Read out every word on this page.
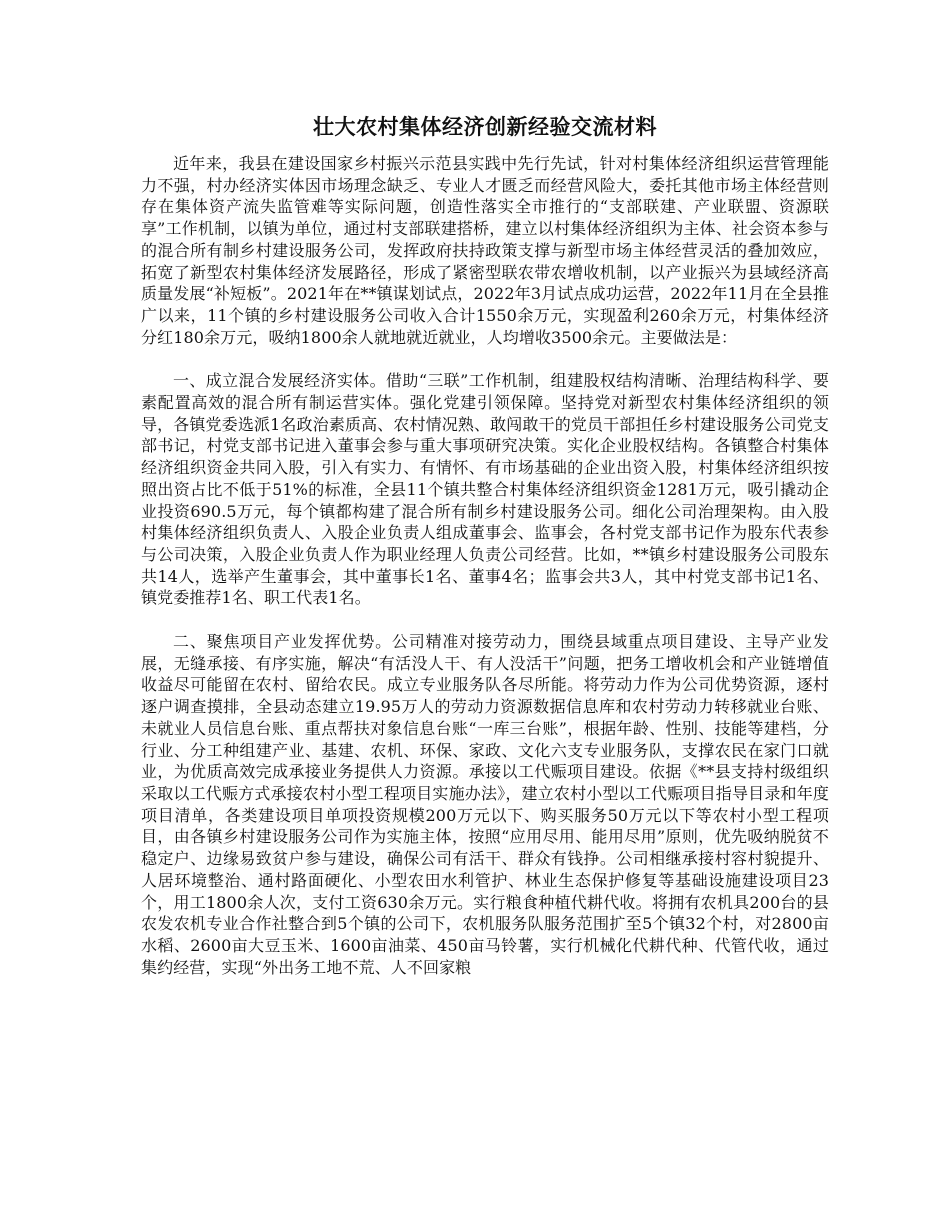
壮大农村集体经济创新经验交流材料

近年来，我县在建设国家乡村振兴示范县实践中先行先试，针对村集体经济组织运营管理能力不强，村办经济实体因市场理念缺乏、专业人才匮乏而经营风险大，委托其他市场主体经营则存在集体资产流失监管难等实际问题，创造性落实全市推行的“支部联建、产业联盟、资源联享”工作机制，以镇为单位，通过村支部联建搭桥，建立以村集体经济组织为主体、社会资本参与的混合所有制乡村建设服务公司，发挥政府扶持政策支撑与新型市场主体经营灵活的叠加效应，拓宽了新型农村集体经济发展路径，形成了紧密型联农带农增收机制，以产业振兴为县域经济高质量发展“补短板”。2021年在**镇谋划试点，2022年3月试点成功运营，2022年11月在全县推广以来，11个镇的乡村建设服务公司收入合计1550余万元，实现盈利260余万元，村集体经济分红180余万元，吸纳1800余人就地就近就业，人均增收3500余元。主要做法是：

一、成立混合发展经济实体。借助“三联”工作机制，组建股权结构清晰、治理结构科学、要素配置高效的混合所有制运营实体。强化党建引领保障。坚持党对新型农村集体经济组织的领导，各镇党委选派1名政治素质高、农村情况熟、敢闯敢干的党员干部担任乡村建设服务公司党支部书记，村党支部书记进入董事会参与重大事项研究决策。实化企业股权结构。各镇整合村集体经济组织资金共同入股，引入有实力、有情怀、有市场基础的企业出资入股，村集体经济组织按照出资占比不低于51%的标准，全县11个镇共整合村集体经济组织资金1281万元，吸引撬动企业投资690.5万元，每个镇都构建了混合所有制乡村建设服务公司。细化公司治理架构。由入股村集体经济组织负责人、入股企业负责人组成董事会、监事会，各村党支部书记作为股东代表参与公司决策，入股企业负责人作为职业经理人负责公司经营。比如，**镇乡村建设服务公司股东共14人，选举产生董事会，其中董事长1名、董事4名；监事会共3人，其中村党支部书记1名、镇党委推荐1名、职工代表1名。

二、聚焦项目产业发挥优势。公司精准对接劳动力，围绕县域重点项目建设、主导产业发展，无缝承接、有序实施，解决“有活没人干、有人没活干”问题，把务工增收机会和产业链增值收益尽可能留在农村、留给农民。成立专业服务队各尽所能。将劳动力作为公司优势资源，逐村逐户调查摸排，全县动态建立19.95万人的劳动力资源数据信息库和农村劳动力转移就业台账、未就业人员信息台账、重点帮扶对象信息台账“一库三台账”，根据年龄、性别、技能等建档，分行业、分工种组建产业、基建、农机、环保、家政、文化六支专业服务队，支撑农民在家门口就业，为优质高效完成承接业务提供人力资源。承接以工代赈项目建设。依据《**县支持村级组织采取以工代赈方式承接农村小型工程项目实施办法》，建立农村小型以工代赈项目指导目录和年度项目清单，各类建设项目单项投资规模200万元以下、购买服务50万元以下等农村小型工程项目，由各镇乡村建设服务公司作为实施主体，按照“应用尽用、能用尽用”原则，优先吸纳脱贫不稳定户、边缘易致贫户参与建设，确保公司有活干、群众有钱挣。公司相继承接村容村貌提升、人居环境整治、通村路面硬化、小型农田水利管护、林业生态保护修复等基础设施建设项目23个，用工1800余人次，支付工资630余万元。实行粮食种植代耕代收。将拥有农机具200台的县农发农机专业合作社整合到5个镇的公司下，农机服务队服务范围扩至5个镇32个村，对2800亩水稻、2600亩大豆玉米、1600亩油菜、450亩马铃薯，实行机械化代耕代种、代管代收，通过集约经营，实现“外出务工地不荒、人不回家粮
